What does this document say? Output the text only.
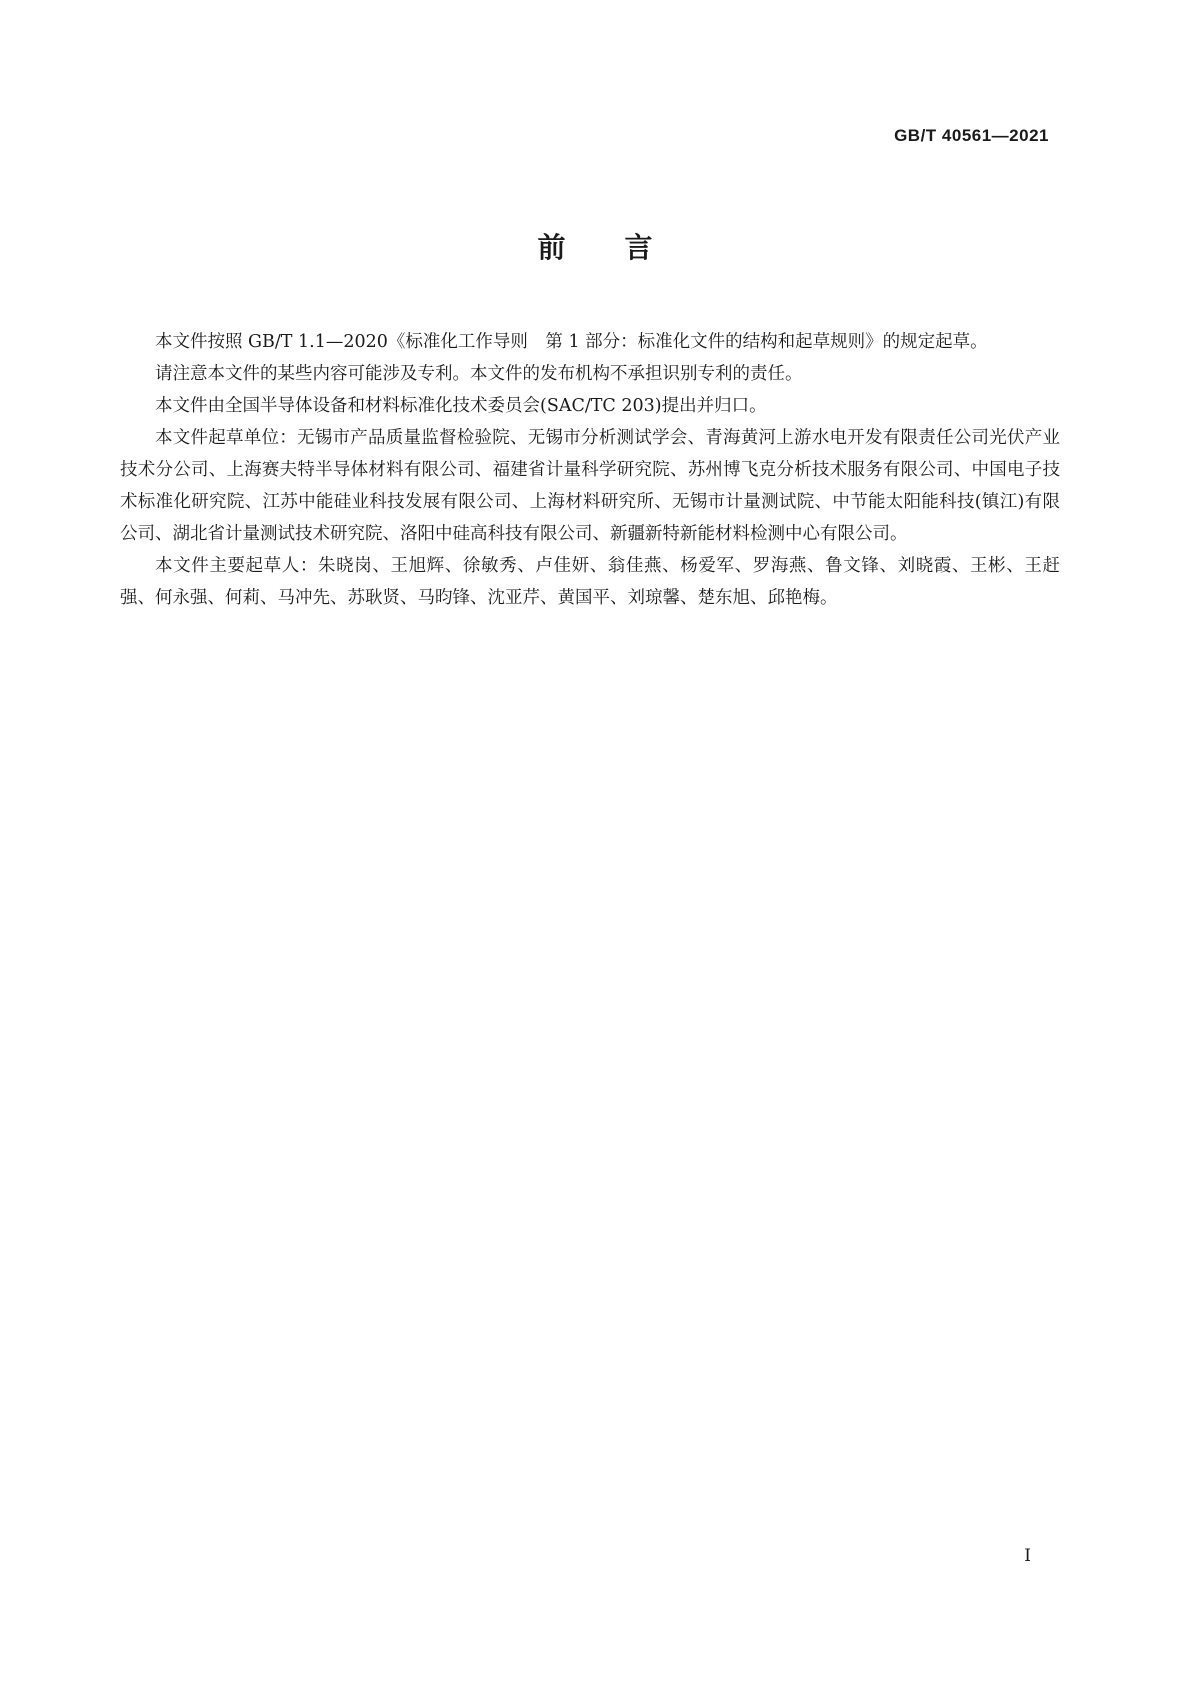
GB/T 40561—2021
前 言

本文件按照 GB/T 1.1—2020《标准化工作导则　第 1 部分：标准化文件的结构和起草规则》的规定起草。

请注意本文件的某些内容可能涉及专利。本文件的发布机构不承担识别专利的责任。

本文件由全国半导体设备和材料标准化技术委员会(SAC/TC 203)提出并归口。

本文件起草单位：无锡市产品质量监督检验院、无锡市分析测试学会、青海黄河上游水电开发有限责任公司光伏产业技术分公司、上海赛夫特半导体材料有限公司、福建省计量科学研究院、苏州博飞克分析技术服务有限公司、中国电子技术标准化研究院、江苏中能硅业科技发展有限公司、上海材料研究所、无锡市计量测试院、中节能太阳能科技(镇江)有限公司、湖北省计量测试技术研究院、洛阳中硅高科技有限公司、新疆新特新能材料检测中心有限公司。

本文件主要起草人：朱晓岗、王旭辉、徐敏秀、卢佳妍、翁佳燕、杨爱军、罗海燕、鲁文锋、刘晓霞、王彬、王赶强、何永强、何莉、马冲先、苏耿贤、马昀锋、沈亚芹、黄国平、刘琼馨、楚东旭、邱艳梅。

I
